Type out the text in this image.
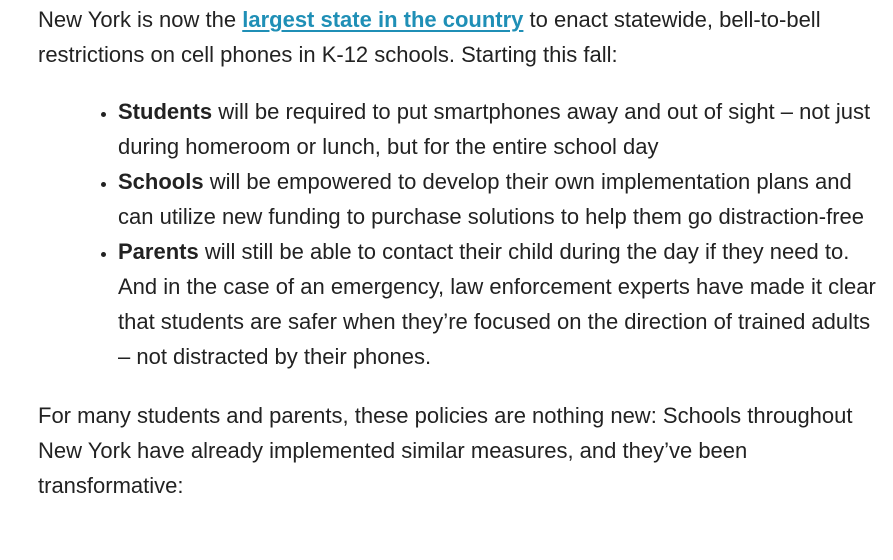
New York is now the largest state in the country to enact statewide, bell-to-bell restrictions on cell phones in K-12 schools. Starting this fall:

• Students will be required to put smartphones away and out of sight – not just during homeroom or lunch, but for the entire school day
• Schools will be empowered to develop their own implementation plans and can utilize new funding to purchase solutions to help them go distraction-free
• Parents will still be able to contact their child during the day if they need to. And in the case of an emergency, law enforcement experts have made it clear that students are safer when they’re focused on the direction of trained adults – not distracted by their phones.

For many students and parents, these policies are nothing new: Schools throughout New York have already implemented similar measures, and they’ve been transformative:
